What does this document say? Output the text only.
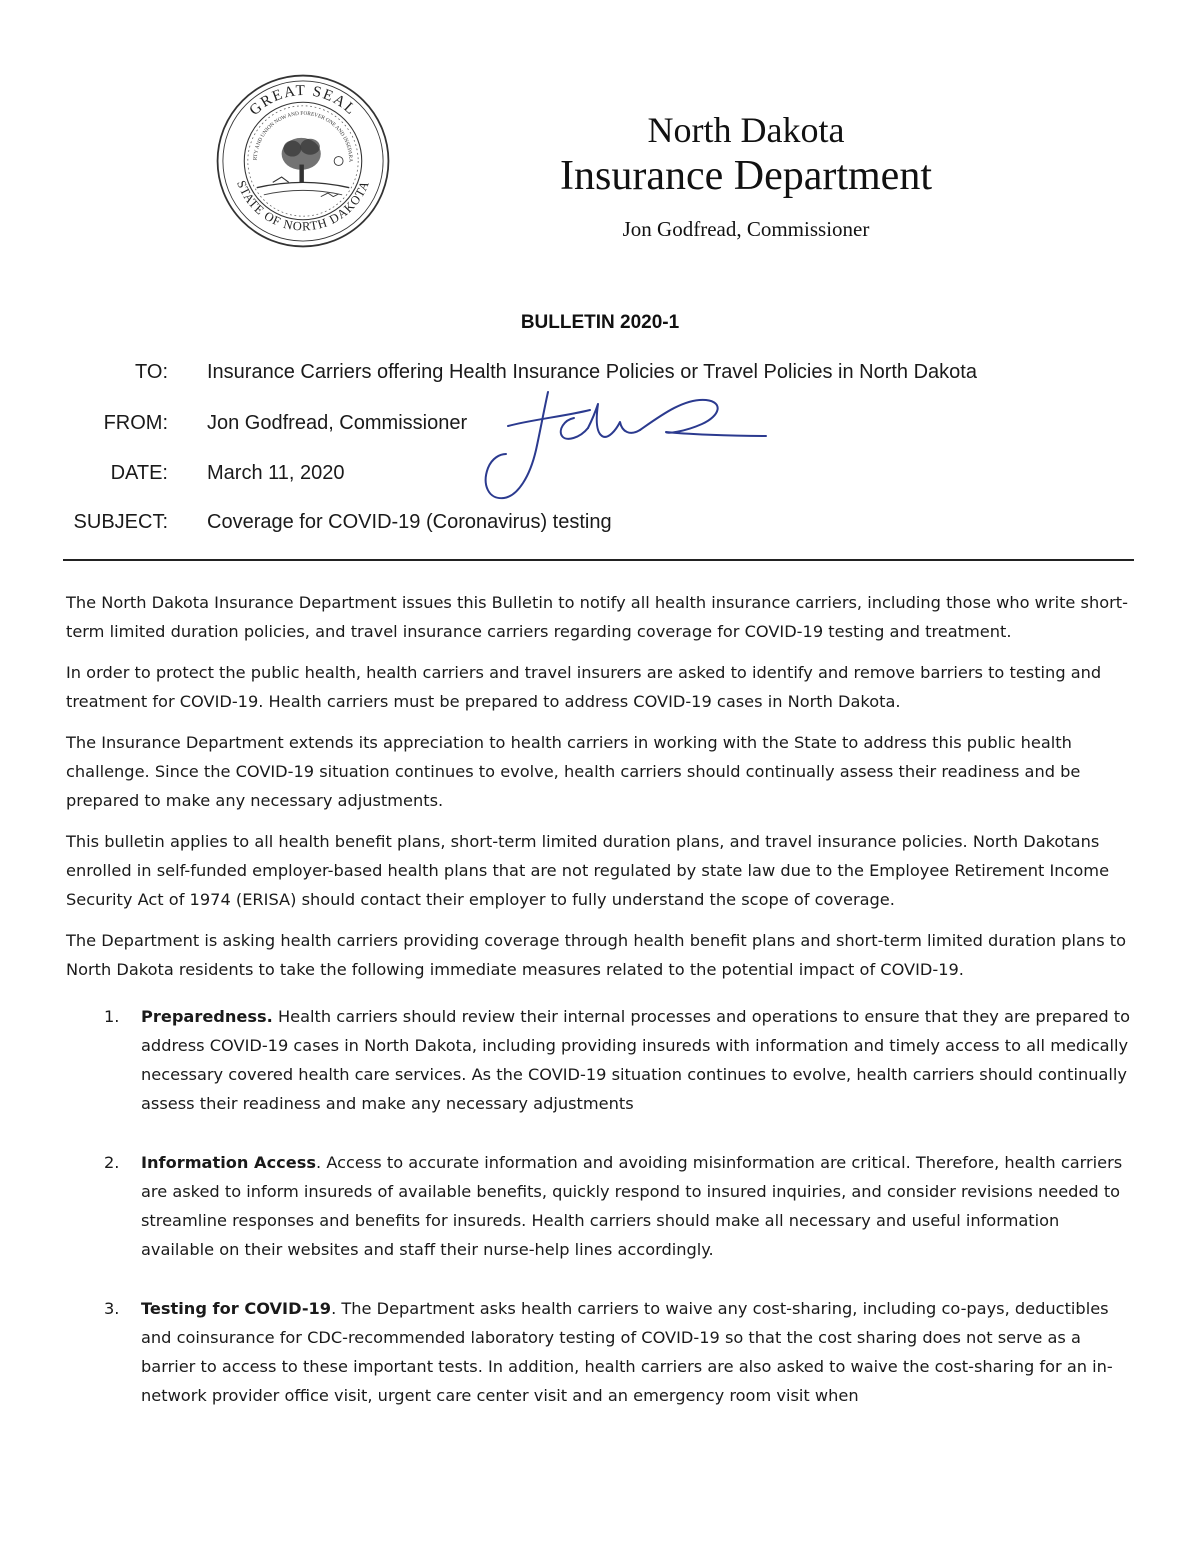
GREAT SEAL
STATE OF NORTH DAKOTA
RTY AND UNION NOW AND FOREVER ONE AND INSEPARA
North Dakota
Insurance Department
Jon Godfread, Commissioner
BULLETIN 2020-1
TO: Insurance Carriers offering Health Insurance Policies or Travel Policies in North Dakota
FROM: Jon Godfread, Commissioner
DATE: March 11, 2020
SUBJECT: Coverage for COVID-19 (Coronavirus) testing

The North Dakota Insurance Department issues this Bulletin to notify all health insurance carriers, including those who write short-term limited duration policies, and travel insurance carriers regarding coverage for COVID-19 testing and treatment.

In order to protect the public health, health carriers and travel insurers are asked to identify and remove barriers to testing and treatment for COVID-19. Health carriers must be prepared to address COVID-19 cases in North Dakota.

The Insurance Department extends its appreciation to health carriers in working with the State to address this public health challenge. Since the COVID-19 situation continues to evolve, health carriers should continually assess their readiness and be prepared to make any necessary adjustments.

This bulletin applies to all health benefit plans, short-term limited duration plans, and travel insurance policies. North Dakotans enrolled in self-funded employer-based health plans that are not regulated by state law due to the Employee Retirement Income Security Act of 1974 (ERISA) should contact their employer to fully understand the scope of coverage.

The Department is asking health carriers providing coverage through health benefit plans and short-term limited duration plans to North Dakota residents to take the following immediate measures related to the potential impact of COVID-19.

1. Preparedness. Health carriers should review their internal processes and operations to ensure that they are prepared to address COVID-19 cases in North Dakota, including providing insureds with information and timely access to all medically necessary covered health care services. As the COVID-19 situation continues to evolve, health carriers should continually assess their readiness and make any necessary adjustments
2. Information Access. Access to accurate information and avoiding misinformation are critical. Therefore, health carriers are asked to inform insureds of available benefits, quickly respond to insured inquiries, and consider revisions needed to streamline responses and benefits for insureds. Health carriers should make all necessary and useful information available on their websites and staff their nurse-help lines accordingly.
3. Testing for COVID-19. The Department asks health carriers to waive any cost-sharing, including co-pays, deductibles and coinsurance for CDC-recommended laboratory testing of COVID-19 so that the cost sharing does not serve as a barrier to access to these important tests. In addition, health carriers are also asked to waive the cost-sharing for an in-network provider office visit, urgent care center visit and an emergency room visit when
